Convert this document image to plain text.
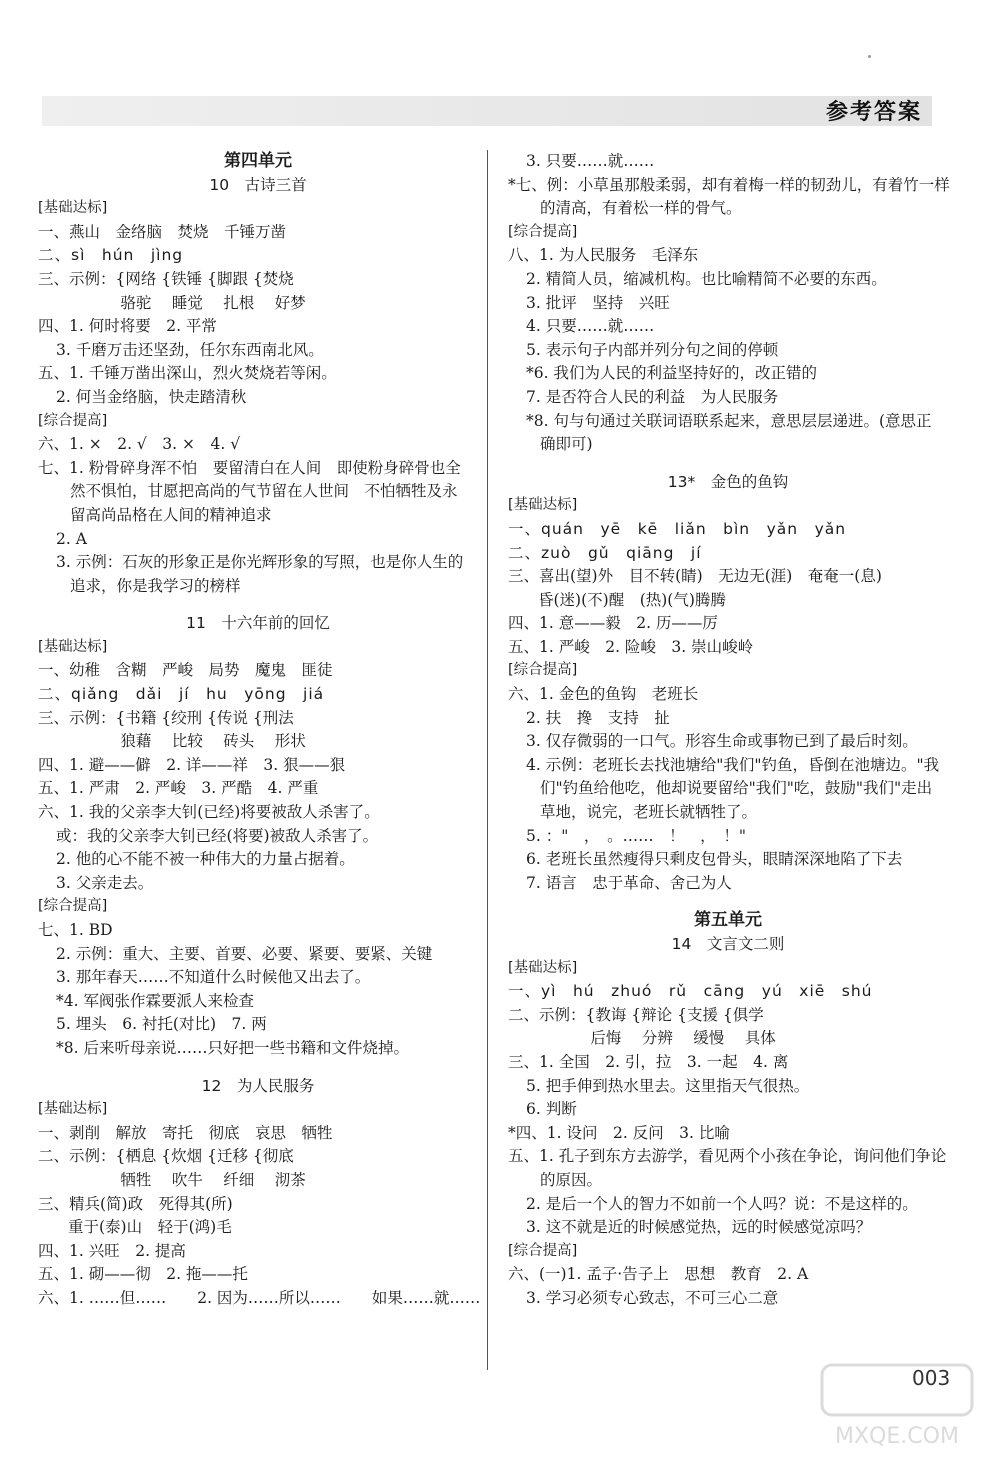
参考答案
第四单元
10　古诗三首
[基础达标]
一、燕山　金络脑　焚烧　千锤万凿
二、sì　hún　jìng
三、示例：{网络 {铁锤 {脚跟 {焚烧
　　　　　 骆驼　 睡觉　 扎根　 好梦
四、1. 何时将要　2. 平常
3. 千磨万击还坚劲，任尔东西南北风。
五、1. 千锤万凿出深山，烈火焚烧若等闲。
2. 何当金络脑，快走踏清秋
[综合提高]
六、1. ×　2. √　3. ×　4. √
七、1. 粉骨碎身浑不怕　要留清白在人间　即使粉身碎骨也全
然不惧怕，甘愿把高尚的气节留在人世间　不怕牺牲及永
留高尚品格在人间的精神追求
2. A
3. 示例：石灰的形象正是你光辉形象的写照，也是你人生的
追求，你是我学习的榜样
11　十六年前的回忆
[基础达标]
一、幼稚　含糊　严峻　局势　魔鬼　匪徒
二、qiǎng　dǎi　jí　hu　yōng　jiá
三、示例：{书籍 {绞刑 {传说 {刑法
　　　　　 狼藉　 比较　 砖头　 形状
四、1. 避——僻　2. 详——祥　3. 狠——狠
五、1. 严肃　2. 严峻　3. 严酷　4. 严重
六、1. 我的父亲李大钊(已经)将要被敌人杀害了。
或：我的父亲李大钊已经(将要)被敌人杀害了。
2. 他的心不能不被一种伟大的力量占据着。
3. 父亲走去。
[综合提高]
七、1. BD
2. 示例：重大、主要、首要、必要、紧要、要紧、关键
3. 那年春天……不知道什么时候他又出去了。
*4. 军阀张作霖要派人来检查
5. 埋头　6. 衬托(对比)　7. 两
*8. 后来听母亲说……只好把一些书籍和文件烧掉。
12　为人民服务
[基础达标]
一、剥削　解放　寄托　彻底　哀思　牺牲
二、示例：{栖息 {炊烟 {迁移 {彻底
　　　　　 牺牲　 吹牛　 纤细　 沏茶
三、精兵(简)政　死得其(所)
重于(泰)山　轻于(鸿)毛
四、1. 兴旺　2. 提高
五、1. 砌——彻　2. 拖——托
六、1. ……但……　　2. 因为……所以……　　如果……就……
3. 只要……就……
*七、例：小草虽那般柔弱，却有着梅一样的韧劲儿，有着竹一样
的清高，有着松一样的骨气。
[综合提高]
八、1. 为人民服务　毛泽东
2. 精简人员，缩减机构。也比喻精简不必要的东西。
3. 批评　坚持　兴旺
4. 只要……就……
5. 表示句子内部并列分句之间的停顿
*6. 我们为人民的利益坚持好的，改正错的
7. 是否符合人民的利益　为人民服务
*8. 句与句通过关联词语联系起来，意思层层递进。(意思正
确即可)
13*　金色的鱼钩
[基础达标]
一、quán　yē　kē　liǎn　bìn　yǎn　yǎn
二、zuò　gǔ　qiāng　jí
三、喜出(望)外　目不转(睛)　无边无(涯)　奄奄一(息)
昏(迷)(不)醒　(热)(气)腾腾
四、1. 意——毅　2. 历——厉
五、1. 严峻　2. 险峻　3. 崇山峻岭
[综合提高]
六、1. 金色的鱼钩　老班长
2. 扶　搀　支持　扯
3. 仅存微弱的一口气。形容生命或事物已到了最后时刻。
4. 示例：老班长去找池塘给"我们"钓鱼，昏倒在池塘边。"我
们"钓鱼给他吃，他却说要留给"我们"吃，鼓励"我们"走出
草地，说完，老班长就牺牲了。
5. ："　，　。……　！　，　！"
6. 老班长虽然瘦得只剩皮包骨头，眼睛深深地陷了下去
7. 语言　忠于革命、舍己为人
第五单元
14　文言文二则
[基础达标]
一、yì　hú　zhuó　rǔ　cāng　yú　xiē　shú
二、示例：{教诲 {辩论 {支援 {俱学
　　　　　 后悔　 分辨　 缓慢　 具体
三、1. 全国　2. 引，拉　3. 一起　4. 离
5. 把手伸到热水里去。这里指天气很热。
6. 判断
*四、1. 设问　2. 反问　3. 比喻
五、1. 孔子到东方去游学，看见两个小孩在争论，询问他们争论
的原因。
2. 是后一个人的智力不如前一个人吗？说：不是这样的。
3. 这不就是近的时候感觉热，远的时候感觉凉吗？
[综合提高]
六、(一)1. 孟子·告子上　思想　教育　2. A
3. 学习必须专心致志，不可三心二意
003
MXQE.COM
